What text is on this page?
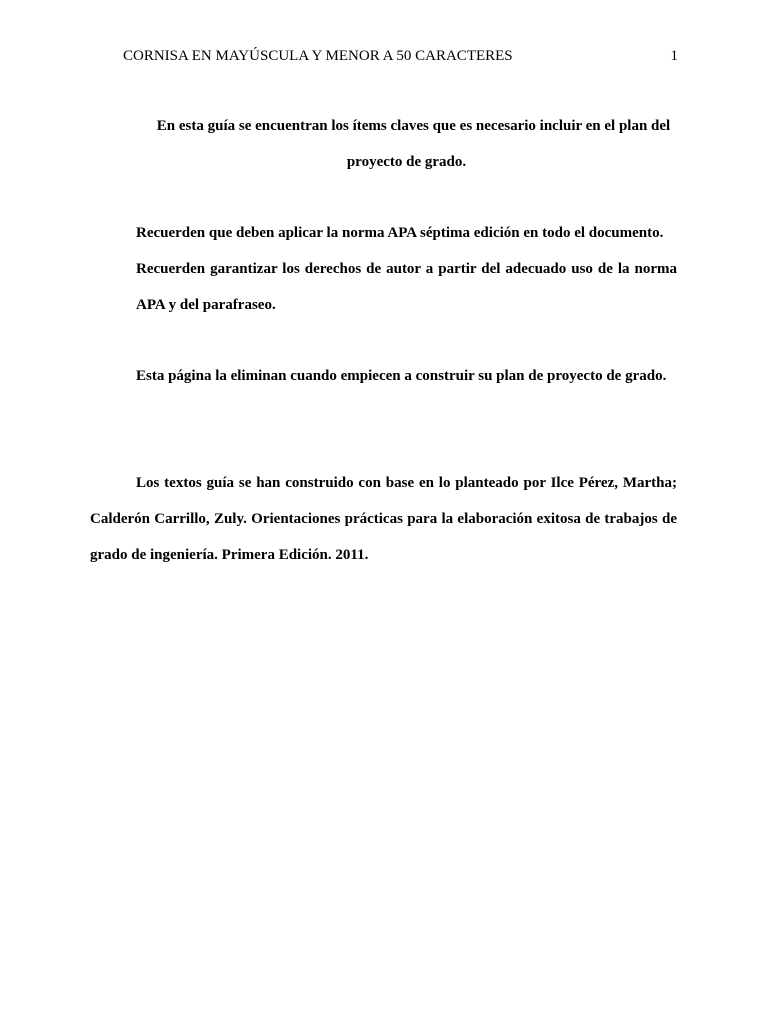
CORNISA EN MAYÚSCULA Y MENOR A 50 CARACTERES	1

En esta guía se encuentran los ítems claves que es necesario incluir en el plan del proyecto de grado.

Recuerden que deben aplicar la norma APA séptima edición en todo el documento.

Recuerden garantizar los derechos de autor a partir del adecuado uso de la norma APA y del parafraseo.

Esta página la eliminan cuando empiecen a construir su plan de proyecto de grado.

Los textos guía se han construido con base en lo planteado por Ilce Pérez, Martha; Calderón Carrillo, Zuly. Orientaciones prácticas para la elaboración exitosa de trabajos de grado de ingeniería. Primera Edición. 2011.
